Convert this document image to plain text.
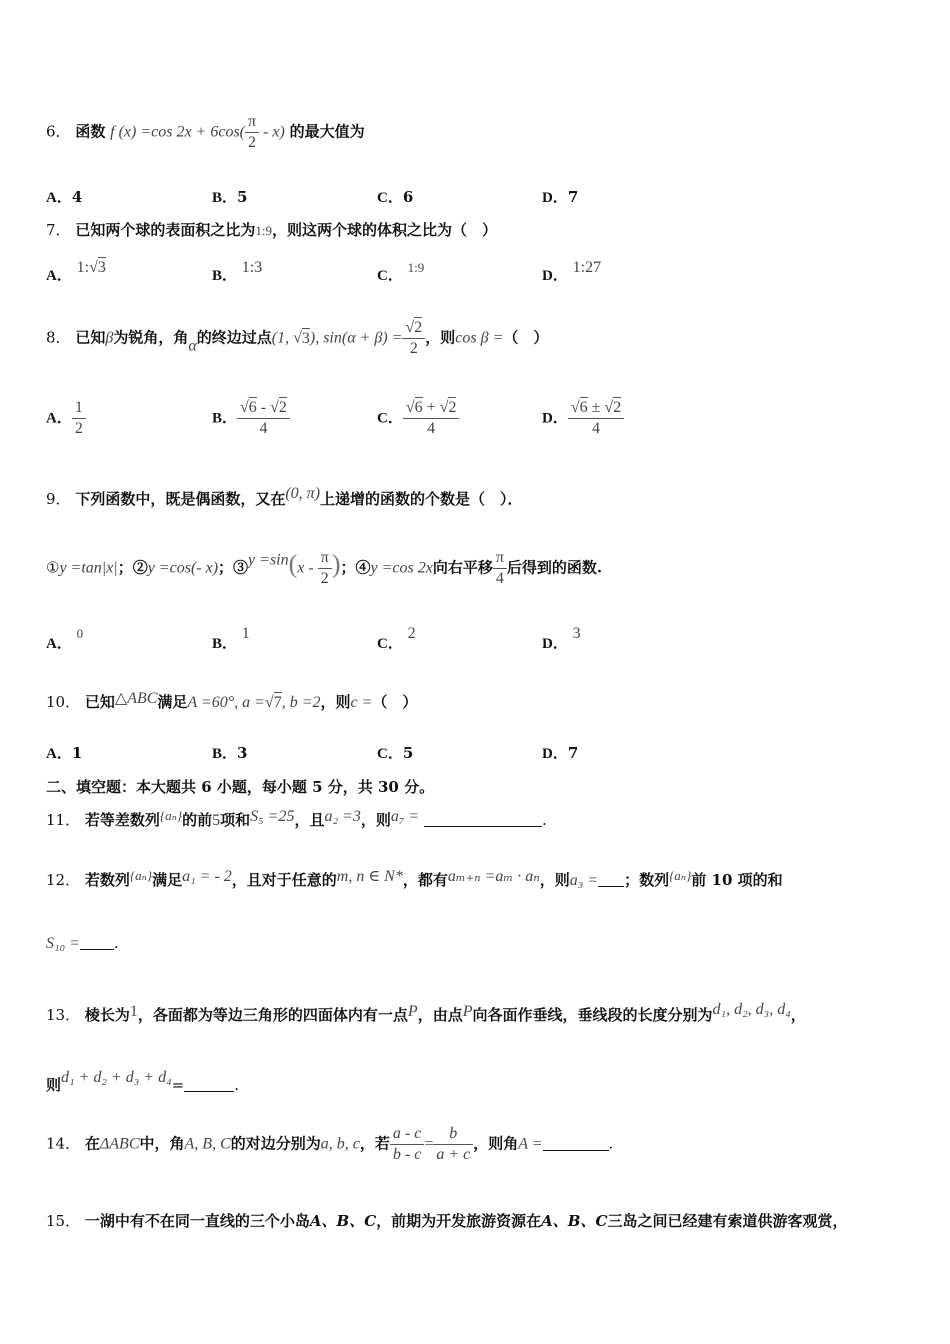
6． 函数 f (x) =cos $2x + 6\cos( \frac{\pi}{2} - x)$ 的最大值为
A．4	B．5	C．6	D．7
7． 已知两个球的表面积之比为1:9，则这两个球的体积之比为（　）
A． 1:√3	B． 1:3	C． 1:9
D． 1:27
8． 已知β为锐角，角α的终边过点(1, √3), $\sin(\alpha + \beta) = \frac{√2}{2}$ ，则cos β =（　）
A． $\frac{1}{2}$	B． $\frac{√6 - √2}{4}$	C． $\frac{√6 + √2}{4}$	D． $\frac{√6 \pm √2}{4}$
9． 下列函数中，既是偶函数，又在(0, π)上递增的函数的个数是（　）．
①y =tan|x|；②y =cos(- x)；③y $=\sin(x - \frac{\pi}{2}$ )；④y =cos 2x向右平移 $\frac{\pi}{4}$ 后得到的函数.
A． 0
B． 1
C． 2
D． 3
10． 已知△ABC满足A =60°, a =√7, b =2，则c =（　）
A．1	B．3	C．5	D．7
二、填空题：本大题共 6 小题，每小题 5 分，共 30 分。
11． 若等差数列{aₙ}的前5项和S₅ =25，且a₂ =3，则a₇ =	.
12． 若数列{aₙ}满足a₁ = - 2，且对于任意的m, n ∈ N*，都有aₘ₊ₙ =aₘ · aₙ，则a₃ = ；数列{aₙ}前 10 项的和
S₁₀ = .
13． 棱长为1，各面都为等边三角形的四面体内有一点P，由点P向各面作垂线，垂线段的长度分别为d₁, d₂, d₃, d₄，
则d₁ + d₂ + d₃ + d₄=	.
14． 在ΔABC中，角A, B, C的对边分别为a, b, c，若 $\frac{a - c}{b - c} = \frac{b}{a + c}$ ，则角A =	.
15． 一湖中有不在同一直线的三个小岛A、B、C，前期为开发旅游资源在A、B、C三岛之间已经建有索道供游客观赏，
